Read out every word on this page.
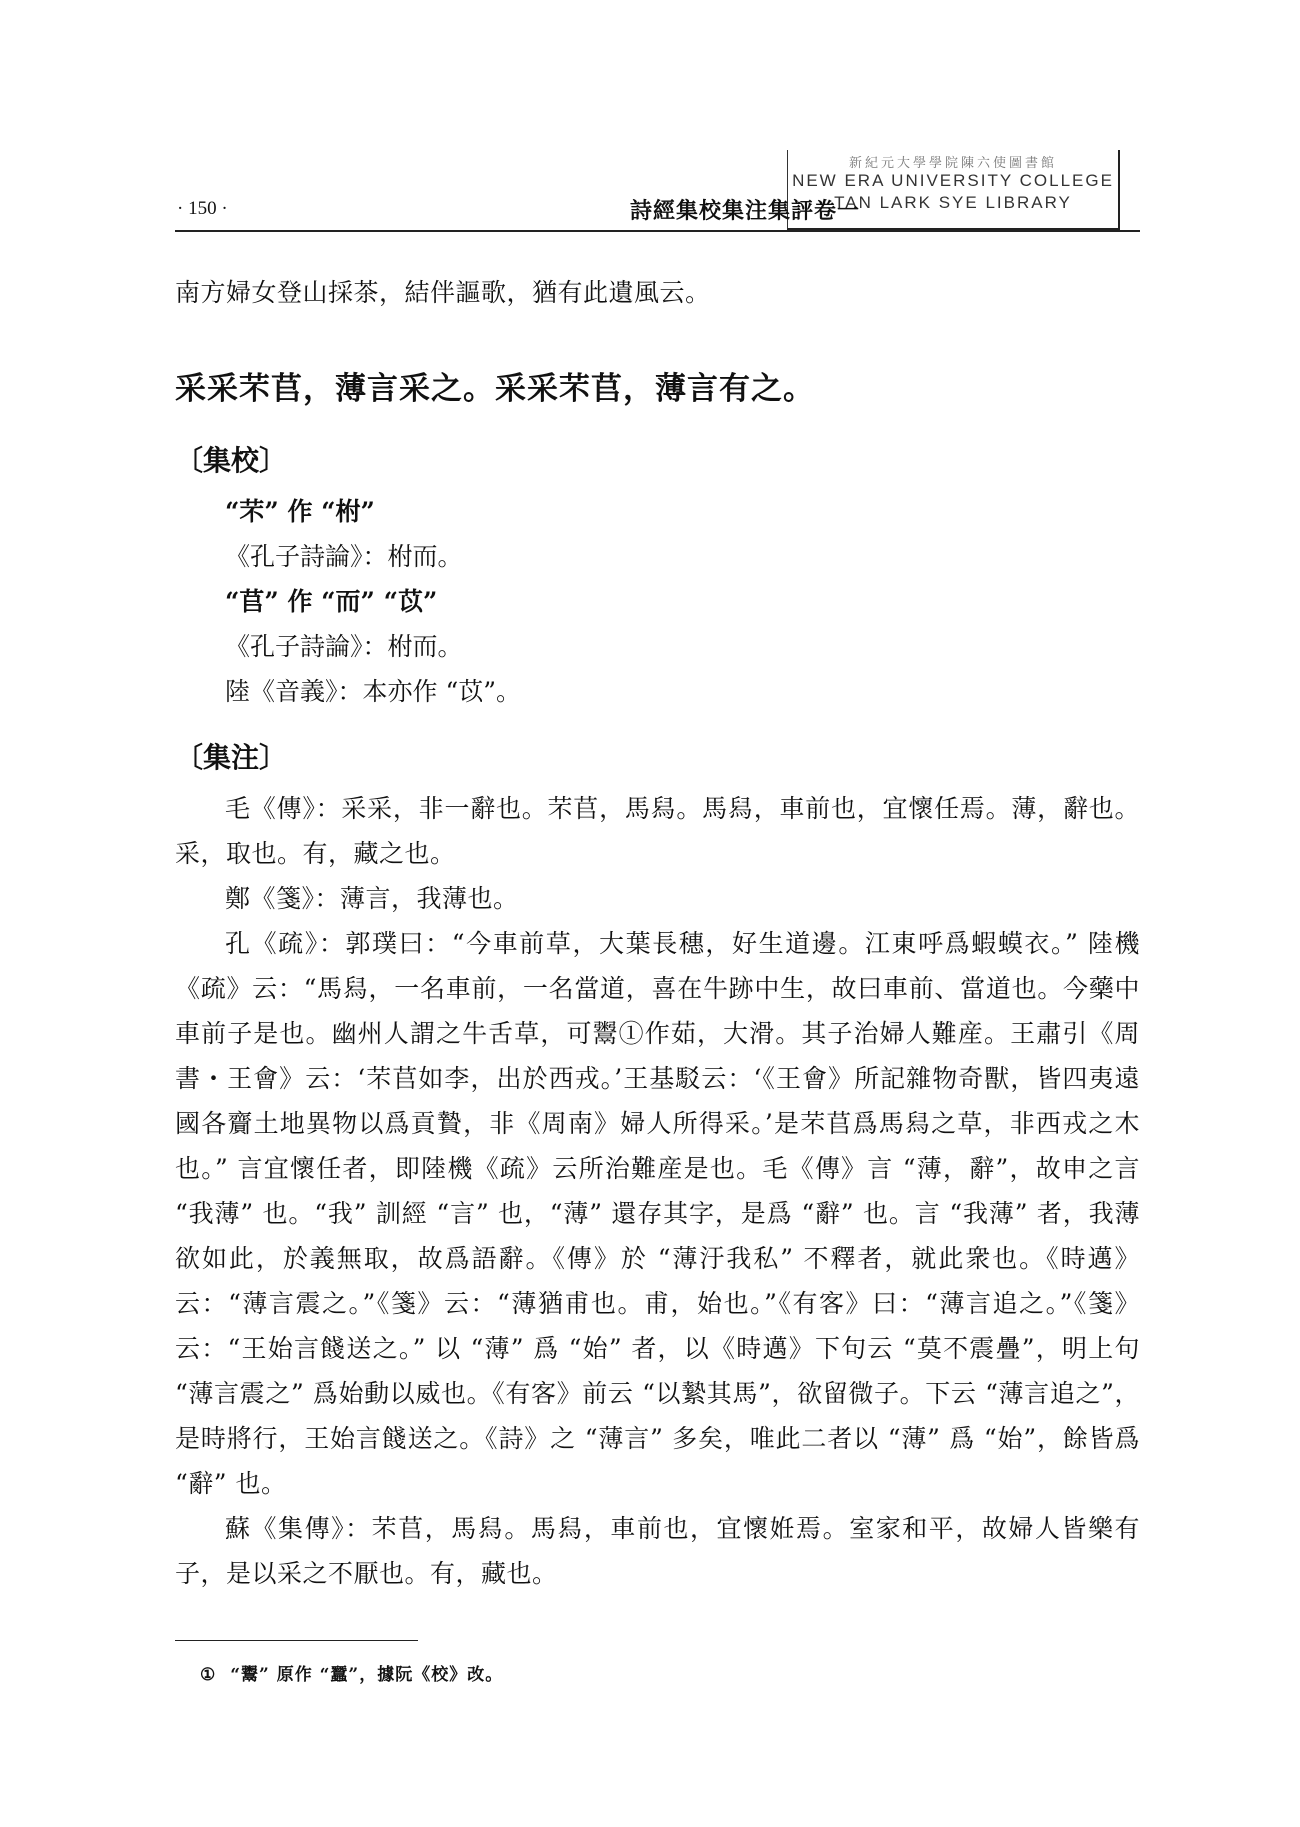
新紀元大學學院陳六使圖書館
NEW ERA UNIVERSITY COLLEGE
TAN LARK SYE LIBRARY
· 150 ·	詩經集校集注集評卷一

南方婦女登山採茶，結伴謳歌，猶有此遺風云。

采采芣苢，薄言采之。采采芣苢，薄言有之。
〔集校〕
“芣” 作 “柎”
《孔子詩論》：柎而。
“苢” 作 “而” “苡”
《孔子詩論》：柎而。
陸《音義》：本亦作 “苡”。
〔集注〕

毛《傳》：采采，非一辭也。芣苢，馬舄。馬舄，車前也，宜懷任焉。薄，辭也。采，取也。有，藏之也。

鄭《箋》：薄言，我薄也。

孔《疏》：郭璞曰：“今車前草，大葉長穗，好生道邊。江東呼爲蝦蟆衣。” 陸機《疏》云：“馬舄，一名車前，一名當道，喜在牛跡中生，故曰車前、當道也。今藥中車前子是也。幽州人謂之牛舌草，可鬻①作茹，大滑。其子治婦人難産。王肅引《周書・王會》云：‘芣苢如李，出於西戎。’王基駁云：‘《王會》所記雜物奇獸，皆四夷遠國各齎土地異物以爲貢贄，非《周南》婦人所得采。’是芣苢爲馬舄之草，非西戎之木也。” 言宜懷任者，即陸機《疏》云所治難産是也。毛《傳》言 “薄，辭”，故申之言 “我薄” 也。“我” 訓經 “言” 也，“薄” 還存其字，是爲 “辭” 也。言 “我薄” 者，我薄欲如此，於義無取，故爲語辭。《傳》於 “薄汙我私” 不釋者，就此衆也。《時邁》云：“薄言震之。”《箋》云：“薄猶甫也。甫，始也。”《有客》曰：“薄言追之。”《箋》云：“王始言餞送之。” 以 “薄” 爲 “始” 者，以《時邁》下句云 “莫不震疊”，明上句 “薄言震之” 爲始動以威也。《有客》前云 “以縶其馬”，欲留微子。下云 “薄言追之”，是時將行，王始言餞送之。《詩》之 “薄言” 多矣，唯此二者以 “薄” 爲 “始”，餘皆爲 “辭” 也。

蘇《集傳》：芣苢，馬舄。馬舄，車前也，宜懷姙焉。室家和平，故婦人皆樂有子，是以采之不厭也。有，藏也。

① “鬻” 原作 “蠶”，據阮《校》改。
